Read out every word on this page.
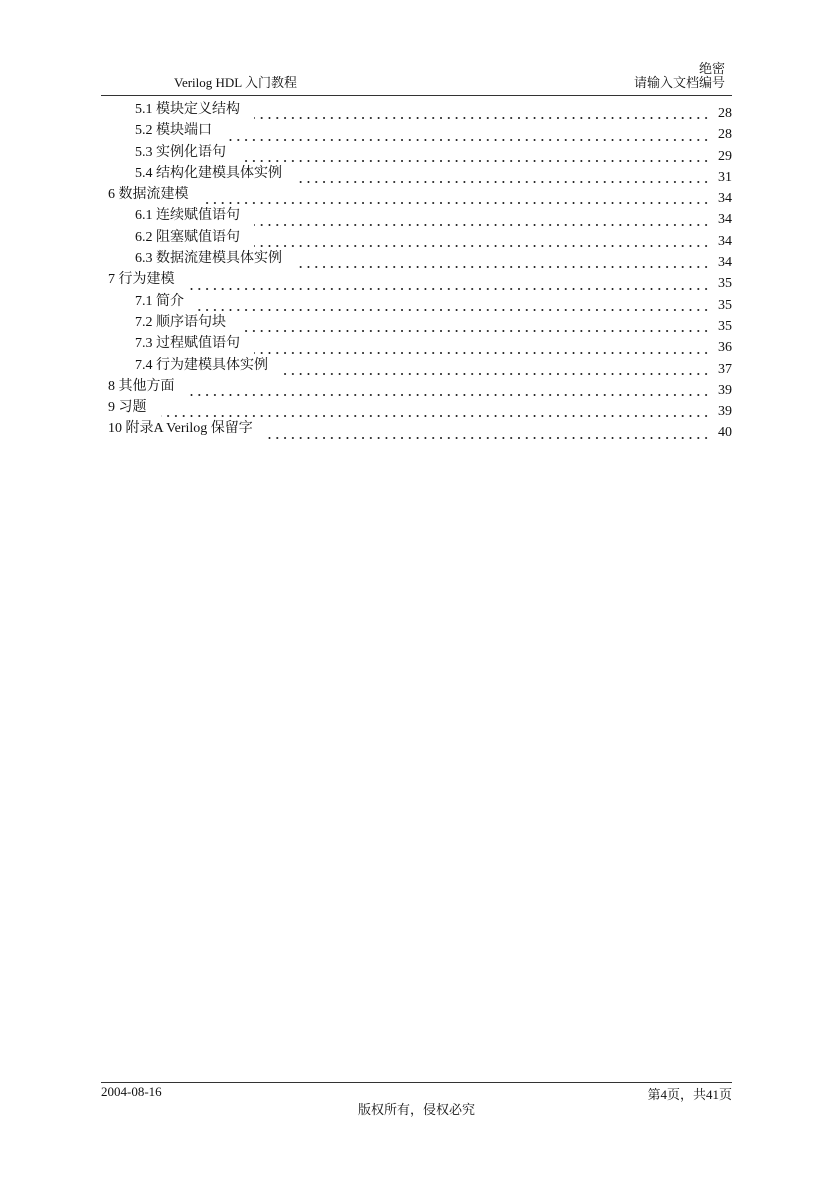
绝密
Verilog HDL 入门教程	请输入文档编号
5.1 模块定义结构	28
5.2 模块端口	28
5.3 实例化语句	29
5.4 结构化建模具体实例	31
6 数据流建模	34
6.1 连续赋值语句	34
6.2 阻塞赋值语句	34
6.3 数据流建模具体实例	34
7 行为建模	35
7.1 简介	35
7.2 顺序语句块	35
7.3 过程赋值语句	36
7.4 行为建模具体实例	37
8 其他方面	39
9 习题	39
10 附录A Verilog 保留字	40
2004-08-16	第4页，共41页
版权所有，侵权必究
